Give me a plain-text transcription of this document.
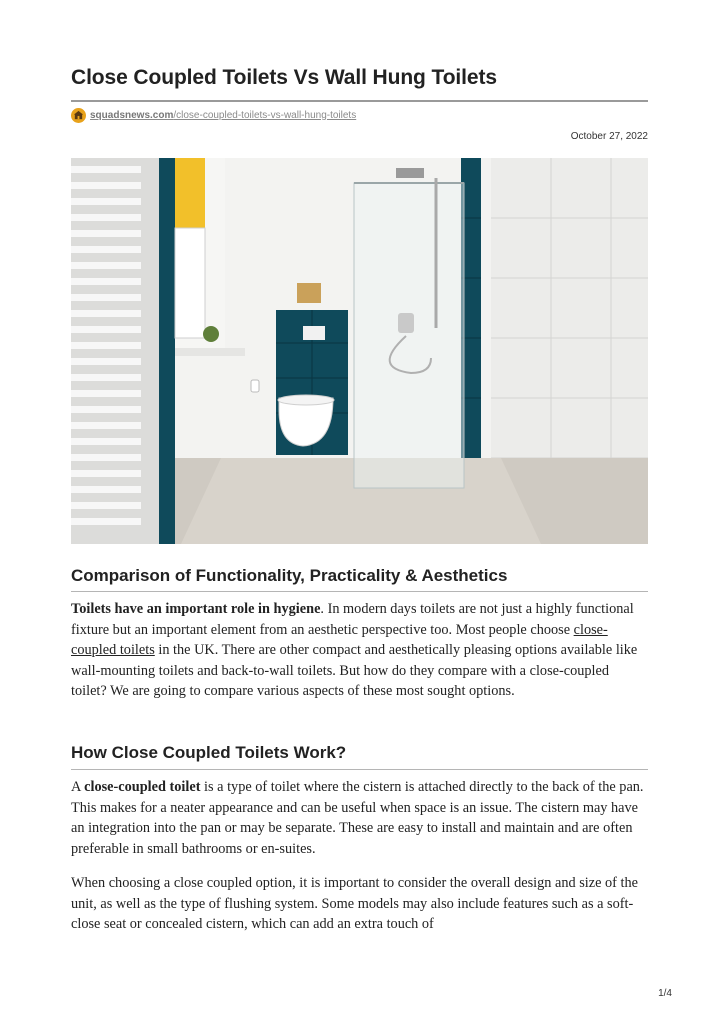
Close Coupled Toilets Vs Wall Hung Toilets
squadsnews.com/close-coupled-toilets-vs-wall-hung-toilets
October 27, 2022
Comparison of Functionality, Practicality & Aesthetics

Toilets have an important role in hygiene. In modern days toilets are not just a highly functional fixture but an important element from an aesthetic perspective too. Most people choose close-coupled toilets in the UK. There are other compact and aesthetically pleasing options available like wall-mounting toilets and back-to-wall toilets. But how do they compare with a close-coupled toilet? We are going to compare various aspects of these most sought options.

How Close Coupled Toilets Work?

A close-coupled toilet is a type of toilet where the cistern is attached directly to the back of the pan. This makes for a neater appearance and can be useful when space is an issue. The cistern may have an integration into the pan or may be separate. These are easy to install and maintain and are often preferable in small bathrooms or en-suites.

When choosing a close coupled option, it is important to consider the overall design and size of the unit, as well as the type of flushing system. Some models may also include features such as a soft-close seat or concealed cistern, which can add an extra touch of

1/4
